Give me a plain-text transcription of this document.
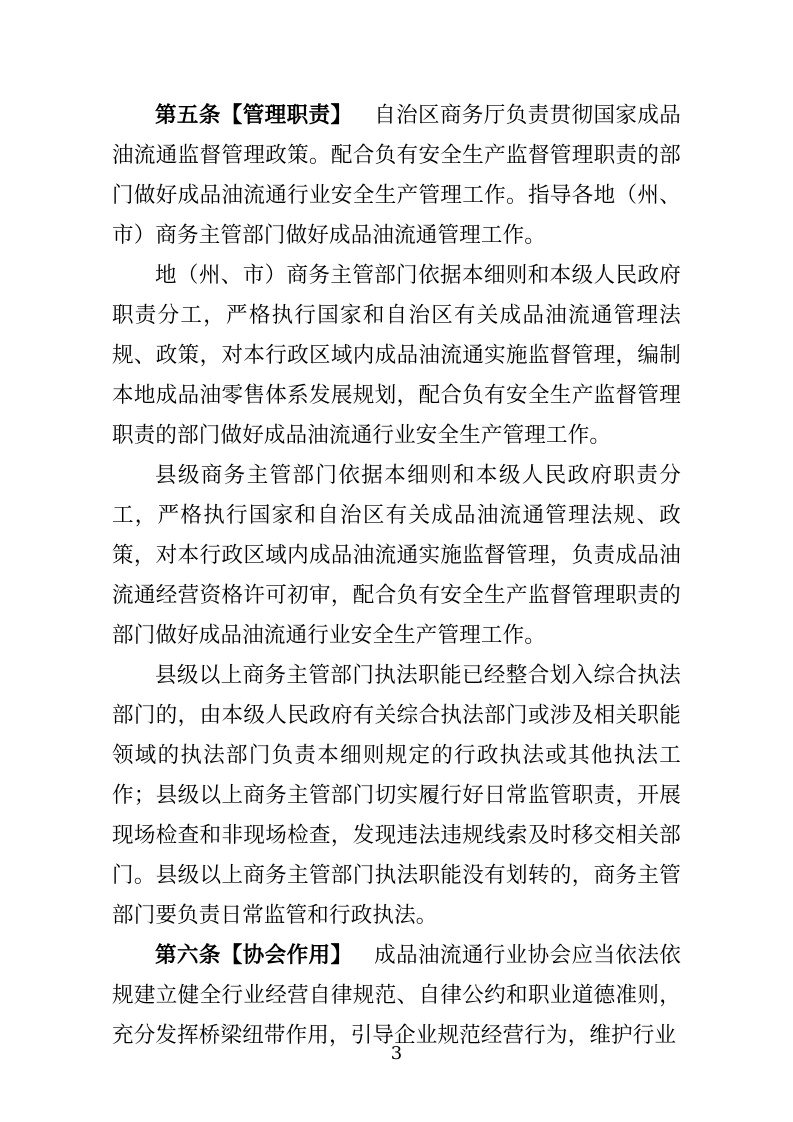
第五条【管理职责】 自治区商务厅负责贯彻国家成品油流通监督管理政策。配合负有安全生产监督管理职责的部门做好成品油流通行业安全生产管理工作。指导各地（州、市）商务主管部门做好成品油流通管理工作。

地（州、市）商务主管部门依据本细则和本级人民政府职责分工，严格执行国家和自治区有关成品油流通管理法规、政策，对本行政区域内成品油流通实施监督管理，编制本地成品油零售体系发展规划，配合负有安全生产监督管理职责的部门做好成品油流通行业安全生产管理工作。

县级商务主管部门依据本细则和本级人民政府职责分工，严格执行国家和自治区有关成品油流通管理法规、政策，对本行政区域内成品油流通实施监督管理，负责成品油流通经营资格许可初审，配合负有安全生产监督管理职责的部门做好成品油流通行业安全生产管理工作。

县级以上商务主管部门执法职能已经整合划入综合执法部门的，由本级人民政府有关综合执法部门或涉及相关职能领域的执法部门负责本细则规定的行政执法或其他执法工作；县级以上商务主管部门切实履行好日常监管职责，开展现场检查和非现场检查，发现违法违规线索及时移交相关部门。县级以上商务主管部门执法职能没有划转的，商务主管部门要负责日常监管和行政执法。

第六条【协会作用】 成品油流通行业协会应当依法依规建立健全行业经营自律规范、自律公约和职业道德准则，充分发挥桥梁纽带作用，引导企业规范经营行为，维护行业

3
